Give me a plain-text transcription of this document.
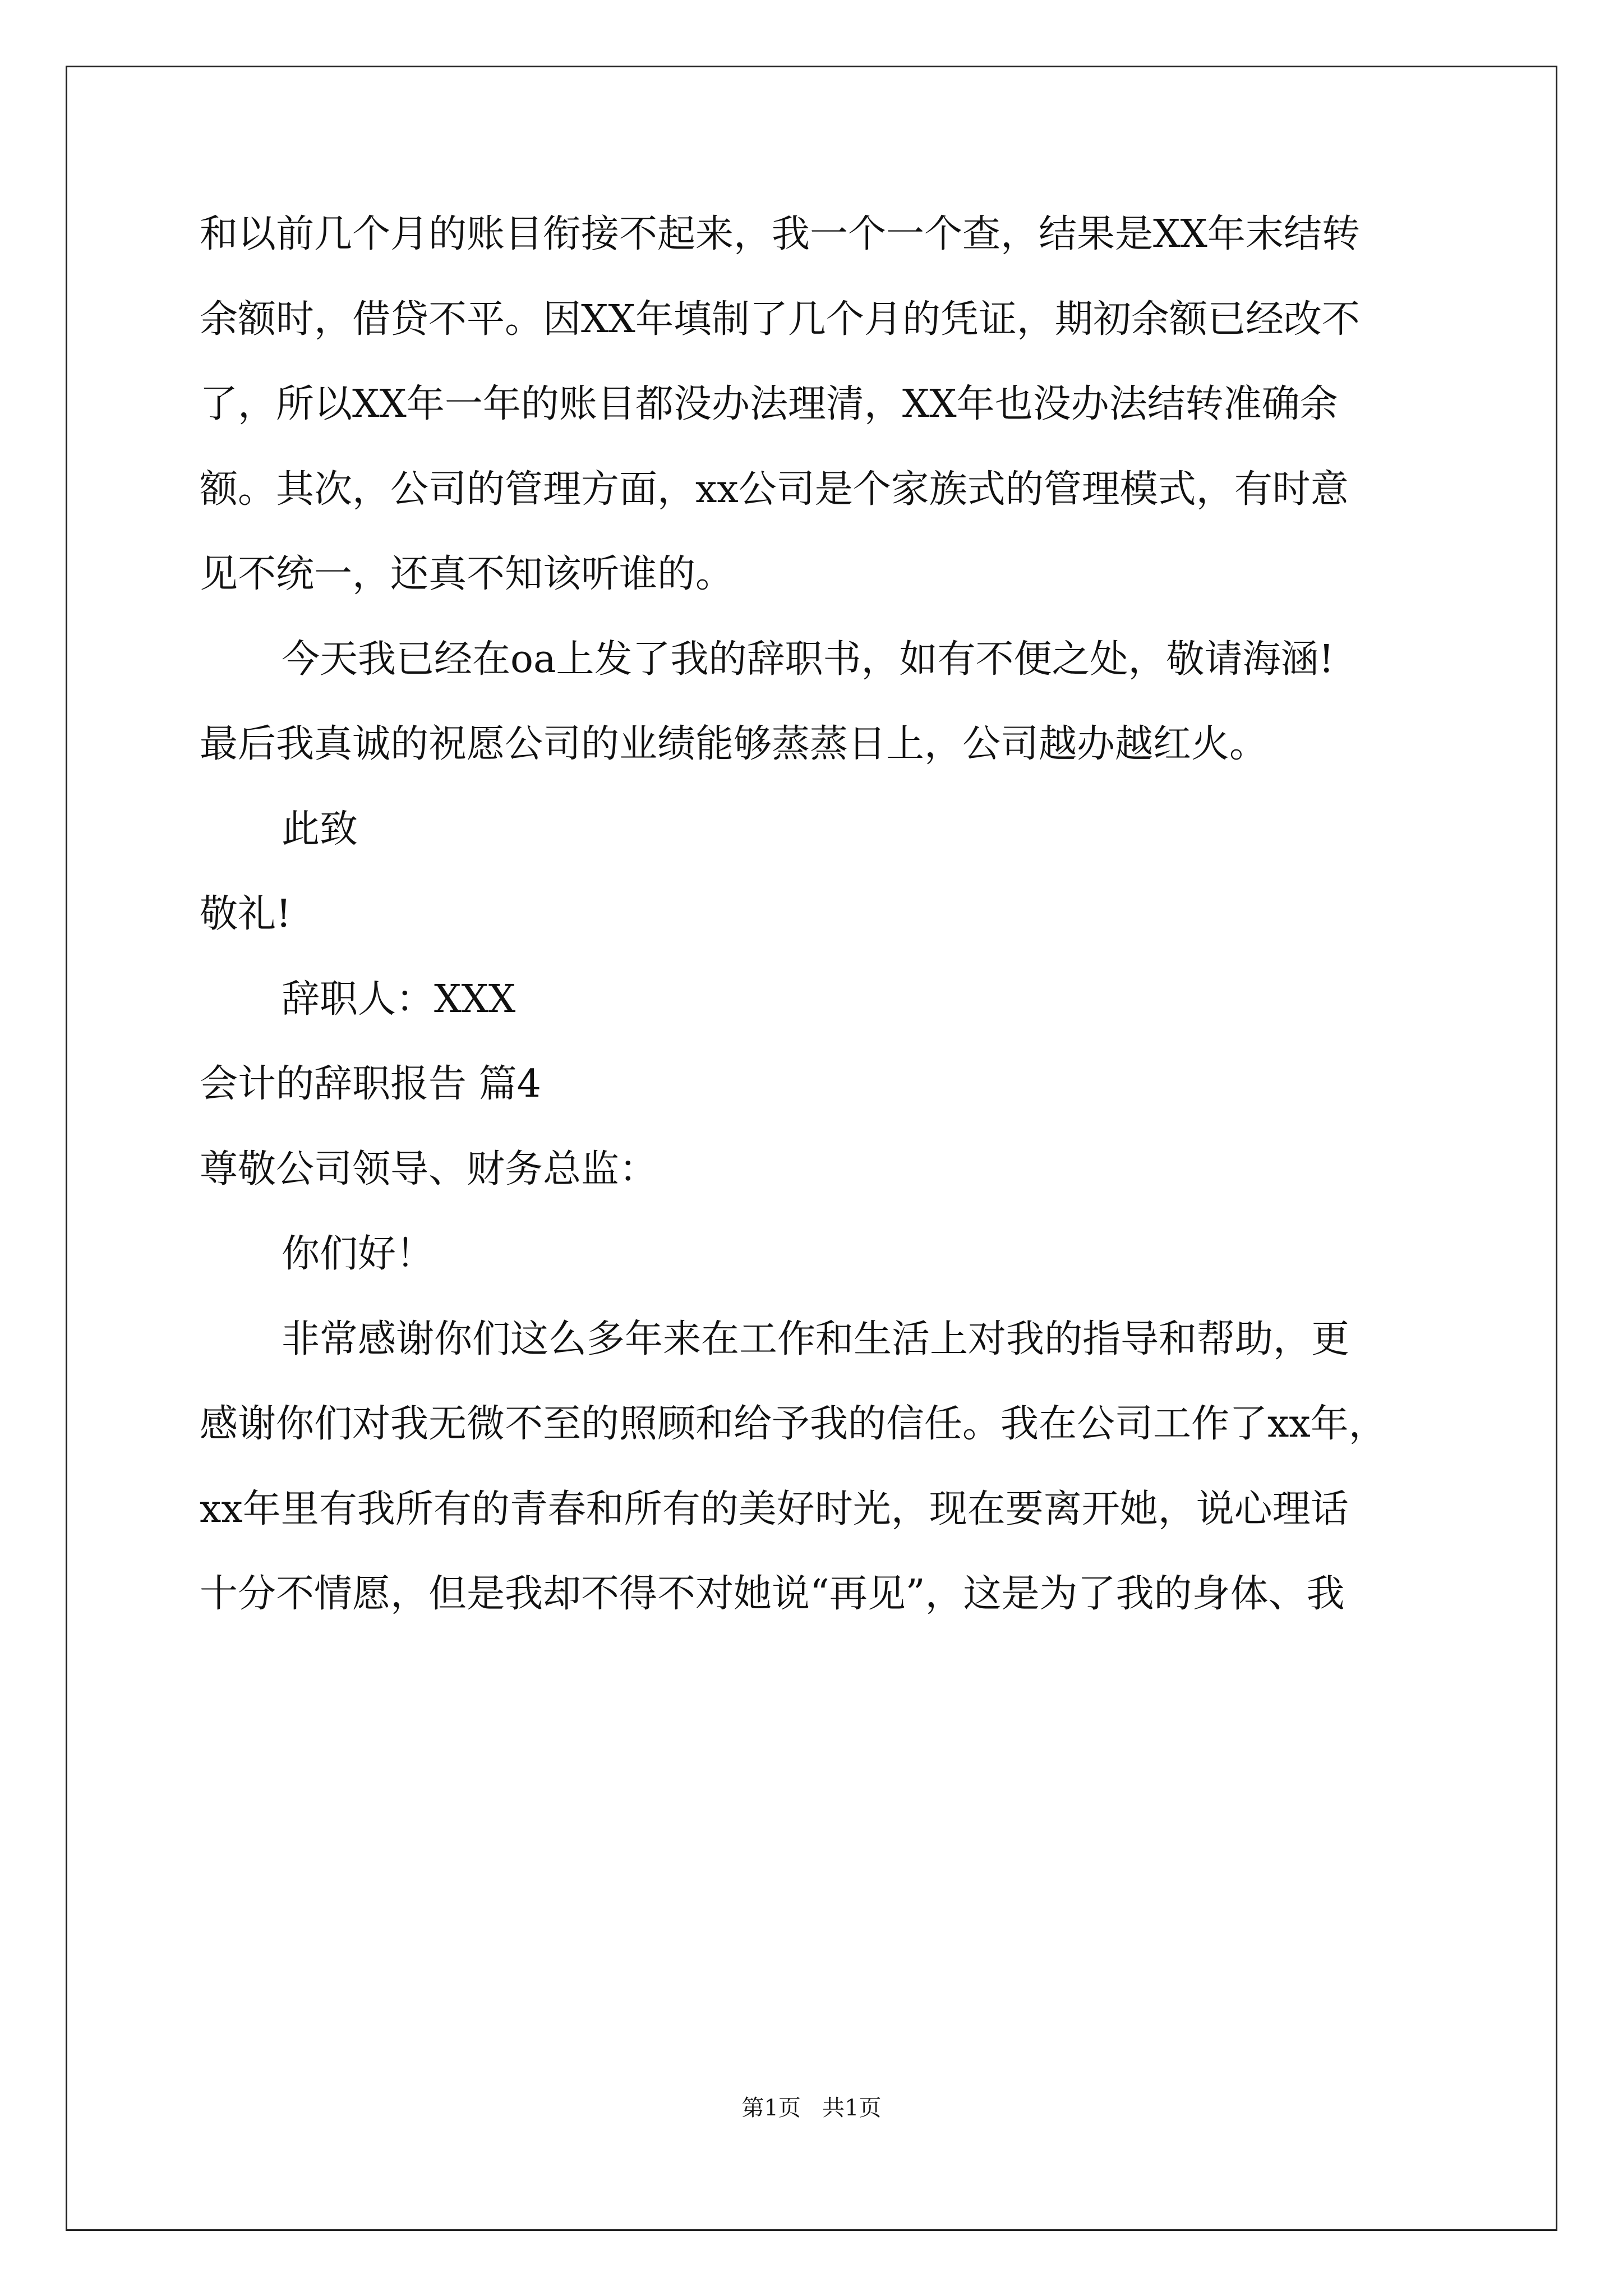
和以前几个月的账目衔接不起来，我一个一个查，结果是XX年末结转
余额时，借贷不平。因XX年填制了几个月的凭证，期初余额已经改不
了，所以XX年一年的账目都没办法理清，XX年也没办法结转准确余
额。其次，公司的管理方面，xx公司是个家族式的管理模式，有时意
见不统一，还真不知该听谁的。
今天我已经在oa上发了我的辞职书，如有不便之处，敬请海涵!
最后我真诚的祝愿公司的业绩能够蒸蒸日上，公司越办越红火。
此致
敬礼!
辞职人：XXX
会计的辞职报告 篇4
尊敬公司领导、财务总监：
你们好！
非常感谢你们这么多年来在工作和生活上对我的指导和帮助，更
感谢你们对我无微不至的照顾和给予我的信任。我在公司工作了xx年，
xx年里有我所有的青春和所有的美好时光，现在要离开她，说心理话
十分不情愿，但是我却不得不对她说“再见”，这是为了我的身体、我
第1页   共1页
